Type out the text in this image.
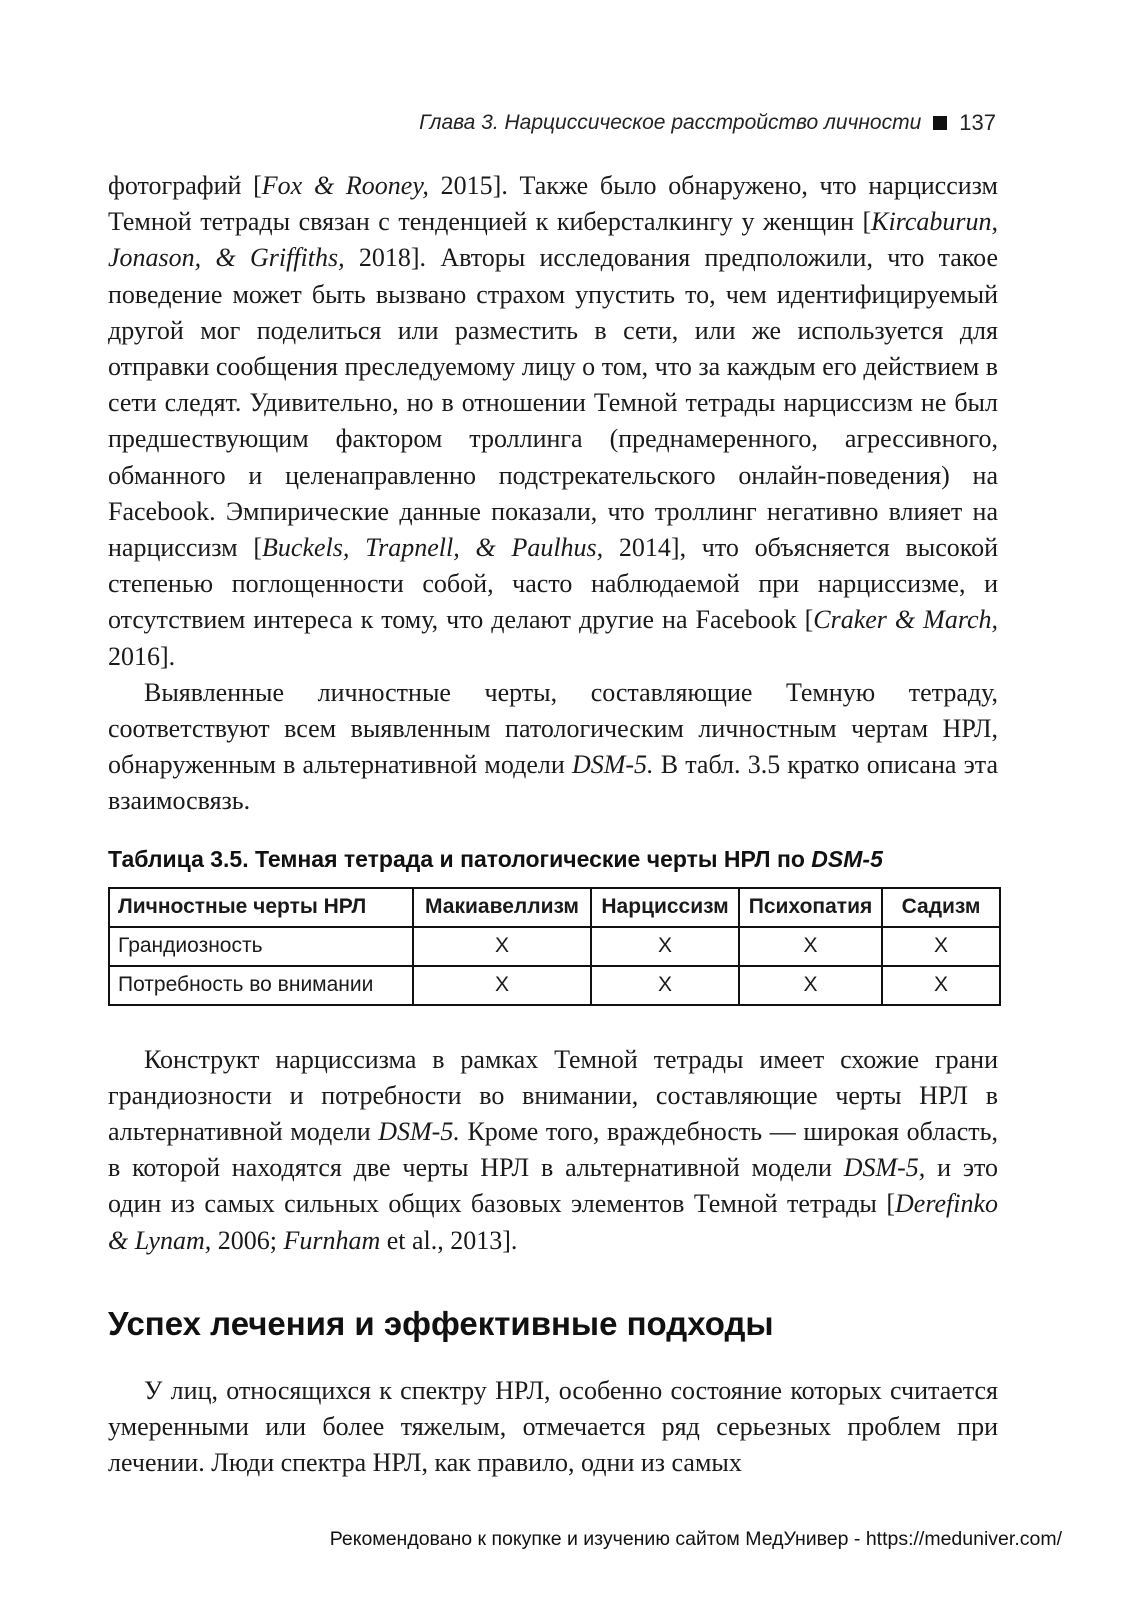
Глава 3. Нарциссическое расстройство личности 137

фотографий [Fox & Rooney, 2015]. Также было обнаружено, что нарциссизм Темной тетрады связан с тенденцией к киберсталкингу у женщин [Kircaburun, Jonason, & Griffiths, 2018]. Авторы исследования предположили, что такое поведение может быть вызвано страхом упустить то, чем идентифицируемый другой мог поделиться или разместить в сети, или же используется для отправки сообщения преследуемому лицу о том, что за каждым его действием в сети следят. Удивительно, но в отношении Темной тетрады нарциссизм не был предшествующим фактором троллинга (преднамеренного, агрессивного, обманного и целенаправленно подстрекательского онлайн-поведения) на Facebook. Эмпирические данные показали, что троллинг негативно влияет на нарциссизм [Buckels, Trapnell, & Paulhus, 2014], что объясняется высокой степенью поглощенности собой, часто наблюдаемой при нарциссизме, и отсутствием интереса к тому, что делают другие на Facebook [Craker & March, 2016].

Выявленные личностные черты, составляющие Темную тетраду, соответствуют всем выявленным патологическим личностным чертам НРЛ, обнаруженным в альтернативной модели DSM-5. В табл. 3.5 кратко описана эта взаимосвязь.

Таблица 3.5. Темная тетрада и патологические черты НРЛ по DSM-5
Личностные черты НРЛ	Макиавеллизм	Нарциссизм	Психопатия	Садизм
Грандиозность	X	X	X	X
Потребность во внимании	X	X	X	X

Конструкт нарциссизма в рамках Темной тетрады имеет схожие грани грандиозности и потребности во внимании, составляющие черты НРЛ в альтернативной модели DSM-5. Кроме того, враждебность — широкая область, в которой находятся две черты НРЛ в альтернативной модели DSM-5, и это один из самых сильных общих базовых элементов Темной тетрады [Derefinko & Lynam, 2006; Furnham et al., 2013].

Успех лечения и эффективные подходы

У лиц, относящихся к спектру НРЛ, особенно состояние которых считается умеренными или более тяжелым, отмечается ряд серьезных проблем при лечении. Люди спектра НРЛ, как правило, одни из самых

Рекомендовано к покупке и изучению сайтом МедУнивер - https://meduniver.com/
